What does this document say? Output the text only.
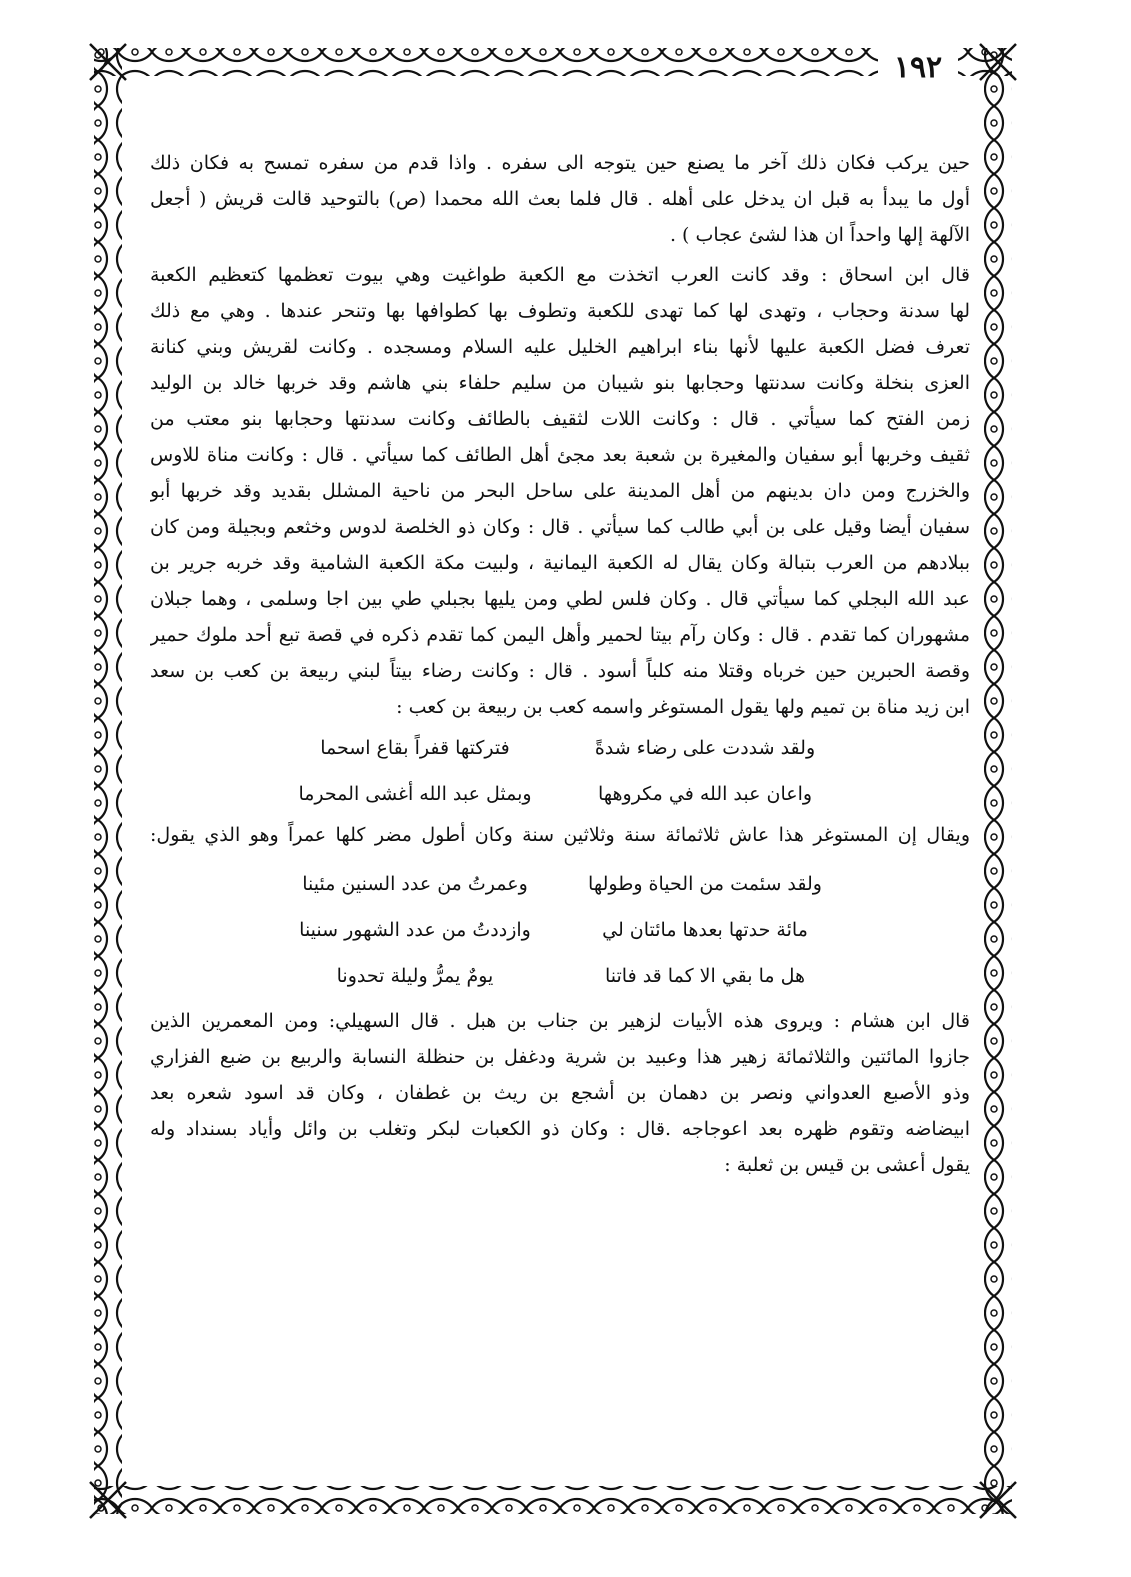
١٩٢
حين يركب فكان ذلك آخر ما يصنع حين يتوجه الى سفره . واذا قدم من سفره تمسح به فكان ذلك
أول ما يبدأ به قبل ان يدخل على أهله . قال فلما بعث الله محمدا (ص) بالتوحيد قالت قريش ( أجعل
الآلهة إلها واحداً ان هذا لشئ عجاب ) .
قال ابن اسحاق : وقد كانت العرب اتخذت مع الكعبة طواغيت وهي بيوت تعظمها كتعظيم الكعبة
لها سدنة وحجاب ، وتهدى لها كما تهدى للكعبة وتطوف بها كطوافها بها وتنحر عندها . وهي مع ذلك
تعرف فضل الكعبة عليها لأنها بناء ابراهيم الخليل عليه السلام ومسجده . وكانت لقريش وبني كنانة
العزى بنخلة وكانت سدنتها وحجابها بنو شيبان من سليم حلفاء بني هاشم وقد خربها خالد بن الوليد
زمن الفتح كما سيأتي . قال : وكانت اللات لثقيف بالطائف وكانت سدنتها وحجابها بنو معتب من
ثقيف وخربها أبو سفيان والمغيرة بن شعبة بعد مجئ أهل الطائف كما سيأتي . قال : وكانت مناة للاوس
والخزرج ومن دان بدينهم من أهل المدينة على ساحل البحر من ناحية المشلل بقديد وقد خربها أبو
سفيان أيضا وقيل على بن أبي طالب كما سيأتي . قال : وكان ذو الخلصة لدوس وخثعم وبجيلة ومن كان
ببلادهم من العرب بتبالة وكان يقال له الكعبة اليمانية ، ولبيت مكة الكعبة الشامية وقد خربه جرير بن
عبد الله البجلي كما سيأتي قال . وكان فلس لطي ومن يليها بجبلي طي بين اجا وسلمى ، وهما جبلان
مشهوران كما تقدم . قال : وكان رآم بيتا لحمير وأهل اليمن كما تقدم ذكره في قصة تبع أحد ملوك حمير
وقصة الحبرين حين خرباه وقتلا منه كلباً أسود . قال : وكانت رضاء بيتاً لبني ربيعة بن كعب بن سعد
ابن زيد مناة بن تميم ولها يقول المستوغر واسمه كعب بن ربيعة بن كعب :
ولقد شددت على رضاء شدةً
فتركتها قفراً بقاع اسحما
واعان عبد الله في مكروهها
وبمثل عبد الله أغشى المحرما
ويقال إن المستوغر هذا عاش ثلاثمائة سنة وثلاثين سنة وكان أطول مضر كلها عمراً وهو الذي يقول:
ولقد سئمت من الحياة وطولها
وعمرتُ من عدد السنين مئينا
مائة حدتها بعدها مائتان لي
وازددتُ من عدد الشهور سنينا
هل ما بقي الا كما قد فاتنا
يومٌ يمرُّ وليلة تحدونا
قال ابن هشام : ويروى هذه الأبيات لزهير بن جناب بن هبل . قال السهيلي: ومن المعمرين الذين
جازوا المائتين والثلاثمائة زهير هذا وعبيد بن شرية ودغفل بن حنظلة النسابة والربيع بن ضبع الفزاري
وذو الأصبع العدواني ونصر بن دهمان بن أشجع بن ريث بن غطفان ، وكان قد اسود شعره بعد
ابيضاضه وتقوم ظهره بعد اعوجاجه .قال : وكان ذو الكعبات لبكر وتغلب بن وائل وأياد بسنداد وله
يقول أعشى بن قيس بن ثعلبة :
